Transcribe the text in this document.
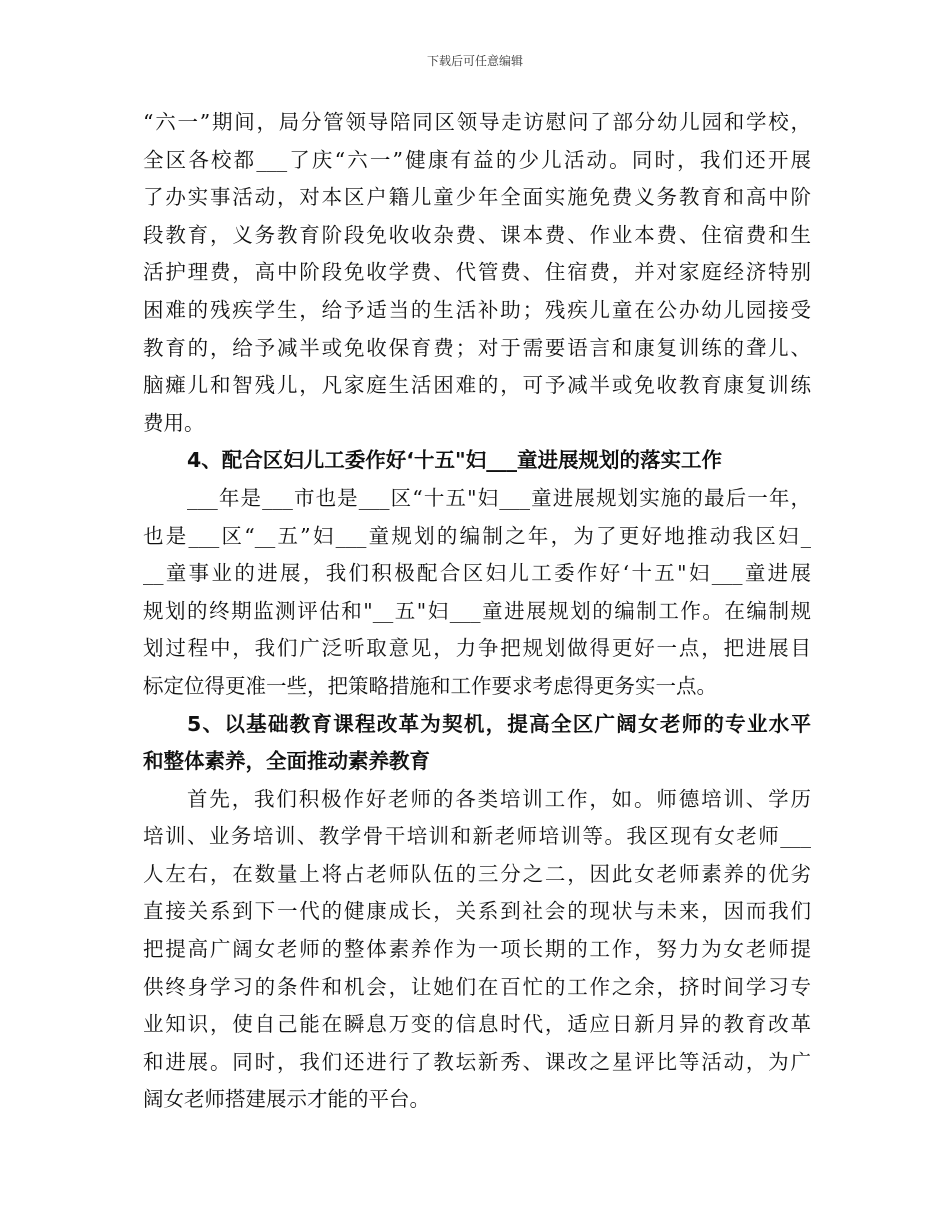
下载后可任意编辑
“六一”期间，局分管领导陪同区领导走访慰问了部分幼儿园和学校，
全区各校都___了庆“六一”健康有益的少儿活动。同时，我们还开展
了办实事活动，对本区户籍儿童少年全面实施免费义务教育和高中阶
段教育，义务教育阶段免收收杂费、课本费、作业本费、住宿费和生
活护理费，高中阶段免收学费、代管费、住宿费，并对家庭经济特别
困难的残疾学生，给予适当的生活补助；残疾儿童在公办幼儿园接受
教育的，给予减半或免收保育费；对于需要语言和康复训练的聋儿、
脑瘫儿和智残儿，凡家庭生活困难的，可予减半或免收教育康复训练
费用。
4、配合区妇儿工委作好‘十五"妇___童进展规划的落实工作
___年是___市也是___区“十五"妇___童进展规划实施的最后一年，
也是___区“__五”妇___童规划的编制之年，为了更好地推动我区妇_
__童事业的进展，我们积极配合区妇儿工委作好‘十五"妇___童进展
规划的终期监测评估和"__五"妇___童进展规划的编制工作。在编制规
划过程中，我们广泛听取意见，力争把规划做得更好一点，把进展目
标定位得更准一些，把策略措施和工作要求考虑得更务实一点。
5、以基础教育课程改革为契机，提高全区广阔女老师的专业水平
和整体素养，全面推动素养教育
首先，我们积极作好老师的各类培训工作，如。师德培训、学历
培训、业务培训、教学骨干培训和新老师培训等。我区现有女老师___
人左右，在数量上将占老师队伍的三分之二，因此女老师素养的优劣
直接关系到下一代的健康成长，关系到社会的现状与未来，因而我们
把提高广阔女老师的整体素养作为一项长期的工作，努力为女老师提
供终身学习的条件和机会，让她们在百忙的工作之余，挤时间学习专
业知识，使自己能在瞬息万变的信息时代，适应日新月异的教育改革
和进展。同时，我们还进行了教坛新秀、课改之星评比等活动，为广
阔女老师搭建展示才能的平台。
